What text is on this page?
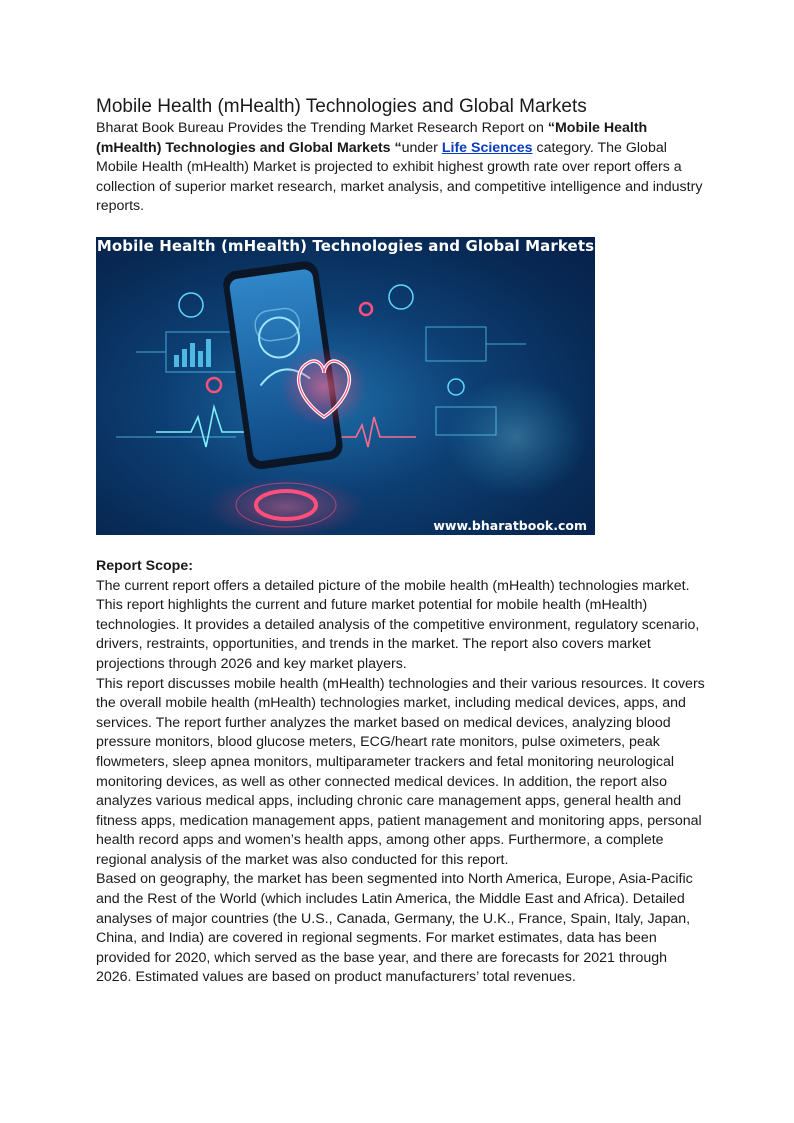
Mobile Health (mHealth) Technologies and Global Markets

Bharat Book Bureau Provides the Trending Market Research Report on “Mobile Health (mHealth) Technologies and Global Markets “under Life Sciences category. The Global Mobile Health (mHealth) Market is projected to exhibit highest growth rate over report offers a collection of superior market research, market analysis, and competitive intelligence and industry reports.

Mobile Health (mHealth) Technologies and Global Markets
www.bharatbook.com

Report Scope:

The current report offers a detailed picture of the mobile health (mHealth) technologies market.

This report highlights the current and future market potential for mobile health (mHealth) technologies. It provides a detailed analysis of the competitive environment, regulatory scenario, drivers, restraints, opportunities, and trends in the market. The report also covers market projections through 2026 and key market players.

This report discusses mobile health (mHealth) technologies and their various resources. It covers the overall mobile health (mHealth) technologies market, including medical devices, apps, and services. The report further analyzes the market based on medical devices, analyzing blood pressure monitors, blood glucose meters, ECG/heart rate monitors, pulse oximeters, peak flowmeters, sleep apnea monitors, multiparameter trackers and fetal monitoring neurological monitoring devices, as well as other connected medical devices. In addition, the report also analyzes various medical apps, including chronic care management apps, general health and fitness apps, medication management apps, patient management and monitoring apps, personal health record apps and women’s health apps, among other apps. Furthermore, a complete regional analysis of the market was also conducted for this report.

Based on geography, the market has been segmented into North America, Europe, Asia-Pacific and the Rest of the World (which includes Latin America, the Middle East and Africa). Detailed analyses of major countries (the U.S., Canada, Germany, the U.K., France, Spain, Italy, Japan, China, and India) are covered in regional segments. For market estimates, data has been provided for 2020, which served as the base year, and there are forecasts for 2021 through 2026. Estimated values are based on product manufacturers’ total revenues.
